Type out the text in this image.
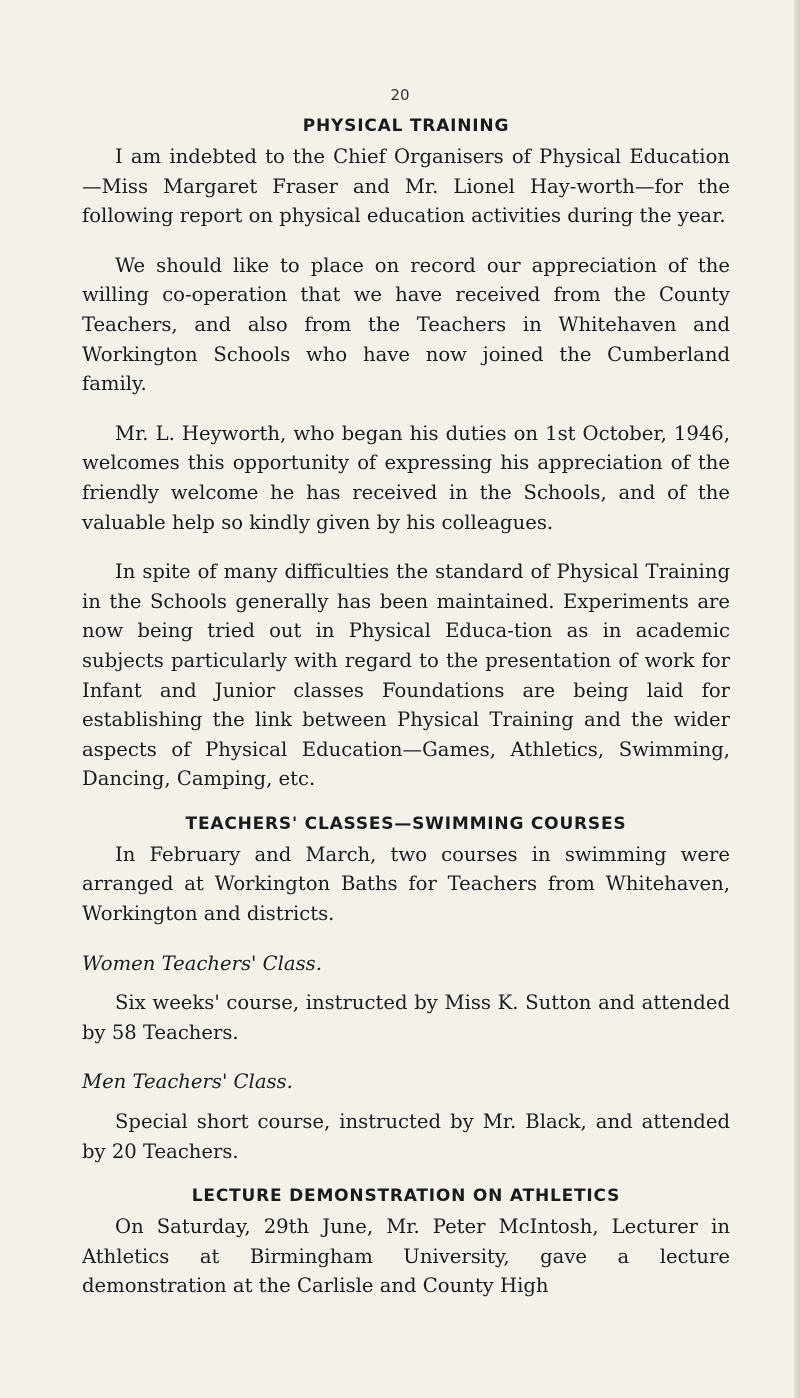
20
PHYSICAL TRAINING

I am indebted to the Chief Organisers of Physical Education—Miss Margaret Fraser and Mr. Lionel Hay-worth—for the following report on physical education activities during the year.

We should like to place on record our appreciation of the willing co-operation that we have received from the County Teachers, and also from the Teachers in Whitehaven and Workington Schools who have now joined the Cumberland family.

Mr. L. Heyworth, who began his duties on 1st October, 1946, welcomes this opportunity of expressing his appreciation of the friendly welcome he has received in the Schools, and of the valuable help so kindly given by his colleagues.

In spite of many difficulties the standard of Physical Training in the Schools generally has been maintained. Experiments are now being tried out in Physical Educa-tion as in academic subjects particularly with regard to the presentation of work for Infant and Junior classes Foundations are being laid for establishing the link between Physical Training and the wider aspects of Physical Education—Games, Athletics, Swimming, Dancing, Camping, etc.

TEACHERS' CLASSES—SWIMMING COURSES

In February and March, two courses in swimming were arranged at Workington Baths for Teachers from Whitehaven, Workington and districts.

Women Teachers' Class.

Six weeks' course, instructed by Miss K. Sutton and attended by 58 Teachers.

Men Teachers' Class.

Special short course, instructed by Mr. Black, and attended by 20 Teachers.

LECTURE DEMONSTRATION ON ATHLETICS

On Saturday, 29th June, Mr. Peter McIntosh, Lecturer in Athletics at Birmingham University, gave a lecture demonstration at the Carlisle and County High
